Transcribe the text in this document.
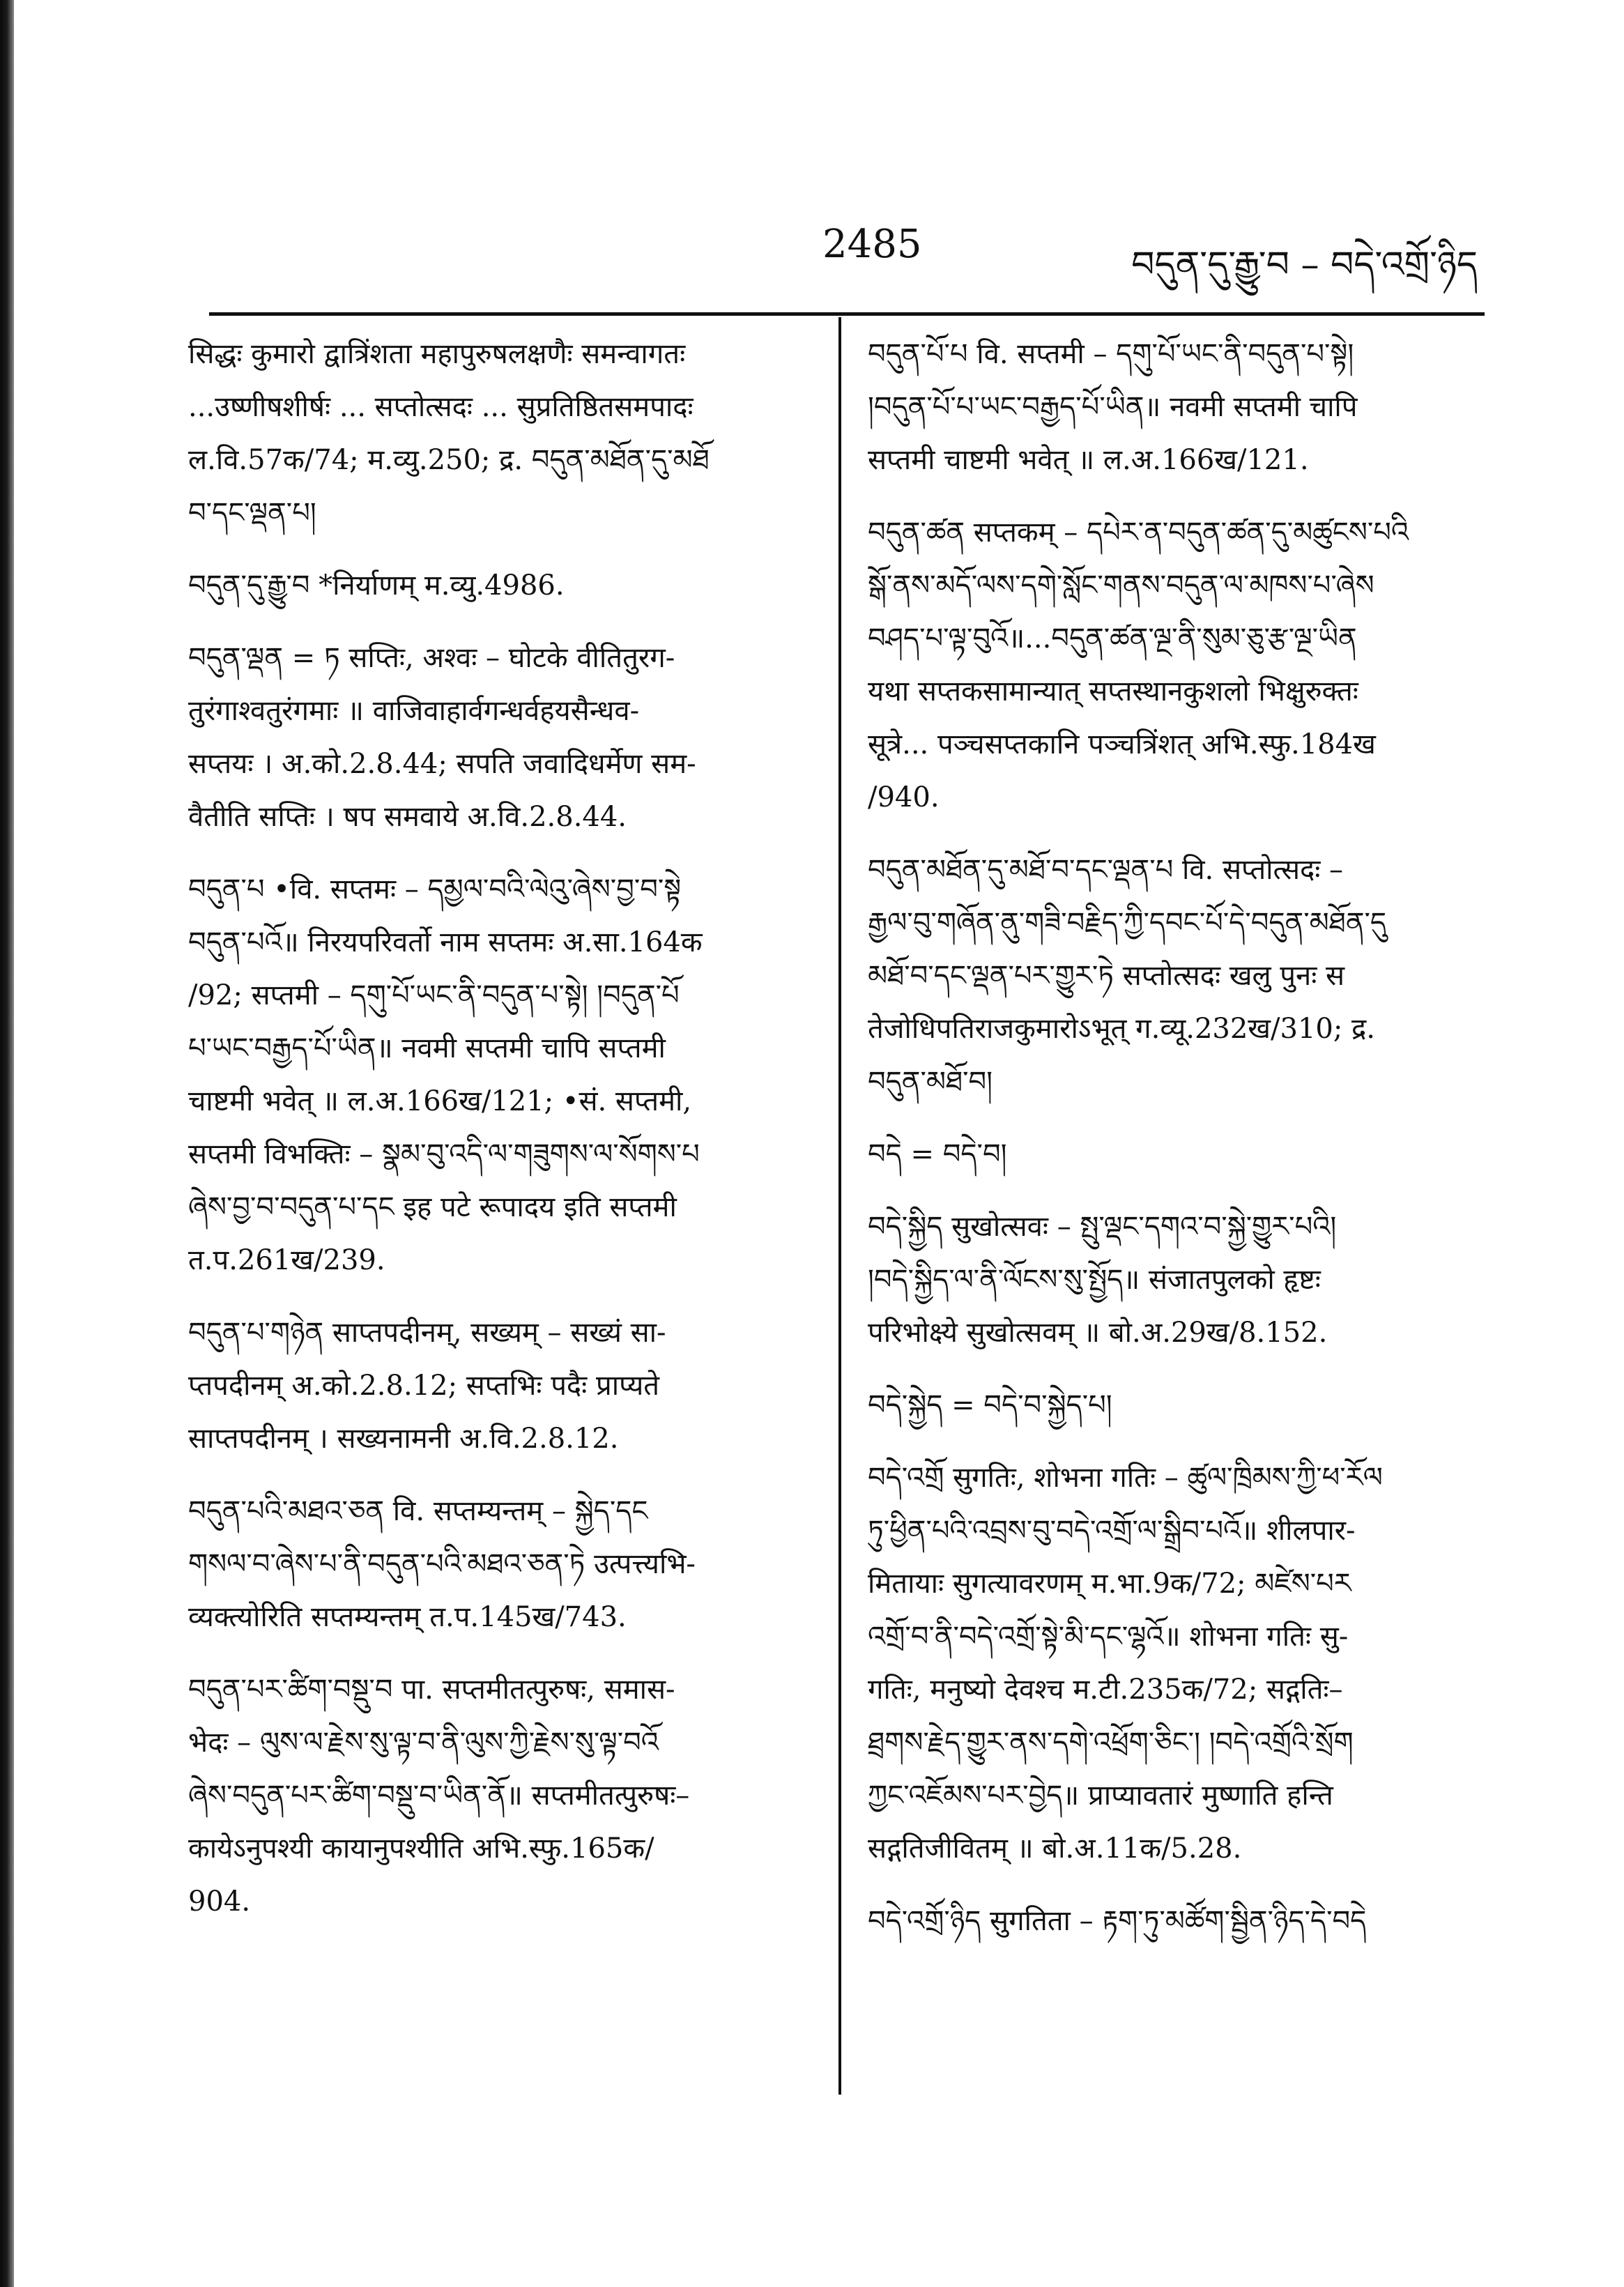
2485	བདུན་དུ་རྒྱུ་བ – བདེ་འགྲོ་ཉིད

सिद्धः कुमारो द्वात्रिंशता महापुरुषलक्षणैः समन्वागतः

...उष्णीषशीर्षः ... सप्तोत्सदः ... सुप्रतिष्ठितसमपादः

ल.वि.57क/74; म.व्यु.250; द्र. བདུན་མཐོན་དུ་མཐོ

བ་དང་ལྡན་པ།

བདུན་དུ་རྒྱུ་བ *निर्याणम् म.व्यु.4986.

བདུན་ལྡན = ཏ सप्तिः, अश्वः – घोटके वीतितुरग-

तुरंगाश्वतुरंगमाः ॥ वाजिवाहार्वगन्धर्वहयसैन्धव-

सप्तयः । अ.को.2.8.44; सपति जवादिधर्मेण सम-

वैतीति सप्तिः । षप समवाये अ.वि.2.8.44.

བདུན་པ •वि. सप्तमः – དམྱལ་བའི་ལེའུ་ཞེས་བྱ་བ་སྟེ

བདུན་པའོ॥ निरयपरिवर्तो नाम सप्तमः अ.सा.164क

/92; सप्तमी – དགུ་པོ་ཡང་ནི་བདུན་པ་སྟེ། །བདུན་པོ

པ་ཡང་བརྒྱད་པོ་ཡིན॥ नवमी सप्तमी चापि सप्तमी

चाष्टमी भवेत् ॥ ल.अ.166ख/121; •सं. सप्तमी,

सप्तमी विभक्तिः – སྣམ་བུ་འདི་ལ་གཟུགས་ལ་སོགས་པ

ཞེས་བྱ་བ་བདུན་པ་དང इह पटे रूपादय इति सप्तमी

त.प.261ख/239.

བདུན་པ་གཉེན साप्तपदीनम्, सख्यम् – सख्यं सा-

प्तपदीनम् अ.को.2.8.12; सप्तभिः पदैः प्राप्यते

साप्तपदीनम् । सख्यनामनी अ.वि.2.8.12.

བདུན་པའི་མཐའ་ཅན वि. सप्तम्यन्तम् – སྐྱེད་དང

གསལ་བ་ཞེས་པ་ནི་བདུན་པའི་མཐའ་ཅན་ཏེ उत्पत्त्यभि-

व्यक्त्योरिति सप्तम्यन्तम् त.प.145ख/743.

བདུན་པར་ཚིག་བསྡུ་བ पा. सप्तमीतत्पुरुषः, समास-

भेदः – ལུས་ལ་རྗེས་སུ་ལྟ་བ་ནི་ལུས་ཀྱི་རྗེས་སུ་ལྟ་བའོ

ཞེས་བདུན་པར་ཚིག་བསྡུ་བ་ཡིན་ནོ॥ सप्तमीतत्पुरुषः–

कायेऽनुपश्यी कायानुपश्यीति अभि.स्फु.165क/

904.

བདུན་པོ་པ वि. सप्तमी – དགུ་པོ་ཡང་ནི་བདུན་པ་སྟེ།

།བདུན་པོ་པ་ཡང་བརྒྱད་པོ་ཡིན॥ नवमी सप्तमी चापि

सप्तमी चाष्टमी भवेत् ॥ ल.अ.166ख/121.

བདུན་ཚན सप्तकम् – དཔེར་ན་བདུན་ཚན་དུ་མཚུངས་པའི

སྒོ་ནས་མདོ་ལས་དགེ་སློང་གནས་བདུན་ལ་མཁས་པ་ཞེས

བཤད་པ་ལྟ་བུའོ॥...བདུན་ཚན་ལྔ་ནི་སུམ་ཅུ་རྩ་ལྔ་ཡིན

यथा सप्तकसामान्यात् सप्तस्थानकुशलो भिक्षुरुक्तः

सूत्रे... पञ्चसप्तकानि पञ्चत्रिंशत् अभि.स्फु.184ख

/940.

བདུན་མཐོན་དུ་མཐོ་བ་དང་ལྡན་པ वि. सप्तोत्सदः –

རྒྱལ་བུ་གཞོན་ནུ་གཟི་བརྗིད་ཀྱི་དབང་པོ་དེ་བདུན་མཐོན་དུ

མཐོ་བ་དང་ལྡན་པར་གྱུར་ཏེ सप्तोत्सदः खलु पुनः स

तेजोधिपतिराजकुमारोऽभूत् ग.व्यू.232ख/310; द्र.

བདུན་མཐོ་བ།

བདེ = བདེ་བ།

བདེ་སྐྱིད सुखोत्सवः – སྤུ་ལྡང་དགའ་བ་སྐྱེ་གྱུར་པའི།

།བདེ་སྐྱིད་ལ་ནི་ལོངས་སུ་སྤྱོད॥ संजातपुलको हृष्टः

परिभोक्ष्ये सुखोत्सवम् ॥ बो.अ.29ख/8.152.

བདེ་སྐྱེད = བདེ་བ་སྐྱེད་པ།

བདེ་འགྲོ सुगतिः, शोभना गतिः – ཚུལ་ཁྲིམས་ཀྱི་ཕ་རོལ

ཏུ་ཕྱིན་པའི་འབྲས་བུ་བདེ་འགྲོ་ལ་སྒྲིབ་པའོ॥ शीलपार-

मितायाः सुगत्यावरणम् म.भा.9क/72; མཛེས་པར

འགྲོ་བ་ནི་བདེ་འགྲོ་སྟེ་མི་དང་ལྷའོ॥ शोभना गतिः सु-

गतिः, मनुष्यो देवश्च म.टी.235क/72; सद्गतिः–

ཐྲགས་རྗེད་གྱུར་ནས་དགེ་འཕྲོག་ཅིང་། །བདེ་འགྲོའི་སྲོག

ཀྱང་འཇོམས་པར་བྱེད॥ प्राप्यावतारं मुष्णाति हन्ति

सद्गतिजीवितम् ॥ बो.अ.11क/5.28.

བདེ་འགྲོ་ཉིད सुगतिता – རྟག་ཏུ་མཚོག་སྦྱིན་ཉིད་དེ་བདེ
